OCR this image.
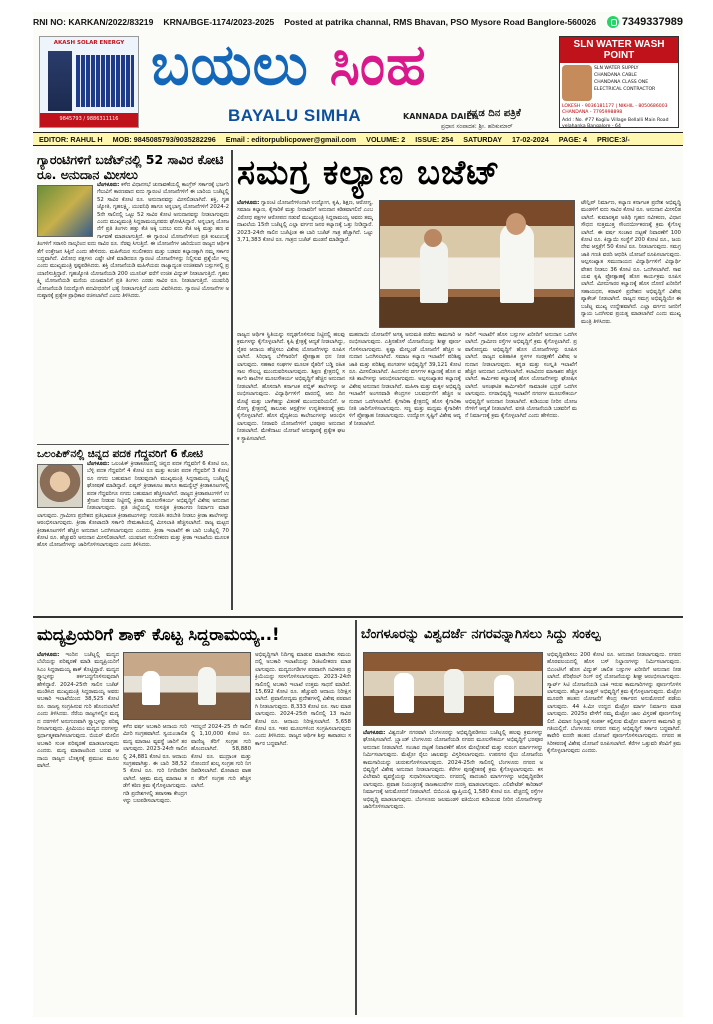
RNI NO: KARKAN/2022/83219 KRNA/BGE-1174/2023-2025 Posted at patrika channal, RMS Bhavan, PSO Mysore Road Banglore-560026 7349337989
AKASH SOLAR ENERGY
9845793 / 9886311116
ಬಯಲು ಸಿಂಹ
BAYALU SIMHA	KANNADA DAILY
ಕನ್ನಡ ದಿನ ಪತ್ರಿಕೆ
ಪ್ರಧಾನ ಸಂಪಾದಕ: ಶ್ರೀ. ಹರಿಕುಮಾರ್
SLN WATER WASH POINT
SLN WATER SUPPLY
CHANDANA CABLE
CHANDANA CLASS ONE
ELECTRICAL CONTRACTOR
LOKESH - 9036181177 | NIKHIL - 8050686003 CHANDANA - 7795998898
Add : No. #77 Kogilu Village Bellalli Main Road yelahanka Bangalore - 64
EDITOR: RAHUL H MOB: 9845085793/9035282296 Email : editorpublicpower@gmail.com VOLUME: 2 ISSUE: 254 SATURDAY 17-02-2024 PAGE: 4 PRICE:3/-
ಗ್ಯಾರಂಟಿಗಳಿಗೆ ಬಜೆಟ್‌ನಲ್ಲಿ 52 ಸಾವಿರ ಕೋಟಿ ರೂ. ಅನುದಾನ ಮೀಸಲು
ಬೆಂಗಳೂರು: ಕಳೆದ ವಿಧಾನಸಭೆ ಚುನಾವಣೆಯಲ್ಲಿ ಕಾಂಗ್ರೆಸ್ ಸರ್ಕಾರಕ್ಕೆ ಭರ್ಜರಿ ಗೆಲುವಿಗೆ ಕಾರಣವಾದ ಐದು ಗ್ಯಾರಂಟಿ ಯೋಜನೆಗಳಿಗೆ ಈ ಬಾರಿಯ ಬಜೆಟ್ನಲ್ಲಿ 52 ಸಾವಿರ ಕೋಟಿ ರೂ. ಅನುದಾನವನ್ನು ಮೀಸಲಿಡಲಾಗಿದೆ. ಶಕ್ತಿ, ಗೃಹಜ್ಯೋತಿ, ಗೃಹಲಕ್ಷ್ಮಿ, ಯುವನಿಧಿ ಹಾಗೂ ಅನ್ನಭಾಗ್ಯ ಯೋಜನೆಗಳಿಗೆ 2024-25ನೇ ಸಾಲಿನಲ್ಲಿ ಒಟ್ಟು 52 ಸಾವಿರ ಕೋಟಿ ಅನುದಾನವನ್ನು ನೀಡಲಾಗುವುದು ಎಂದು ಮುಖ್ಯಮಂತ್ರಿ ಸಿದ್ದರಾಮಯ್ಯನವರು ಘೋಷಿಸಿದ್ದಾರೆ. ಅನ್ನಭಾಗ್ಯ ಯೋಜನೆಗೆ ಪ್ರತಿ ತಿಂಗಳು ಹತ್ತು ಕೆಜಿ ಅಕ್ಕಿ ಬದಲು ಐದು ಕೆಜಿ ಅಕ್ಕಿ ಮತ್ತು ಹಣ ವರ್ಗಾವಣೆ ಮಾಡಲಾಗುತ್ತಿದೆ. ಈ ಗ್ಯಾರಂಟಿ ಯೋಜನೆಗಳಿಂದ ಪ್ರತಿ ಕುಟುಂಬಕ್ಕೆ ತಿಂಗಳಿಗೆ ಸರಾಸರಿ ನಾಲ್ಕರಿಂದ ಐದು ಸಾವಿರ ರೂ. ನೆರವು ಸಿಗುತ್ತಿದೆ. ಈ ಯೋಜನೆಗಳ ಜಾರಿಯಿಂದ ರಾಜ್ಯದ ಆರ್ಥಿಕತೆಗೆ ಉತ್ತೇಜನ ಸಿಕ್ಕಿದೆ ಎಂದು ಹೇಳಿದರು. ಮಹಿಳೆಯರ ಸಬಲೀಕರಣ ಮತ್ತು ಬಡವರ ಕಲ್ಯಾಣಕ್ಕಾಗಿ ನಮ್ಮ ಸರ್ಕಾರ ಬದ್ಧವಾಗಿದೆ. ವಿರೋಧ ಪಕ್ಷಗಳು ಎಷ್ಟೇ ಟೀಕೆ ಮಾಡಿದರೂ ಗ್ಯಾರಂಟಿ ಯೋಜನೆಗಳನ್ನು ನಿಲ್ಲಿಸುವ ಪ್ರಶ್ನೆಯೇ ಇಲ್ಲ ಎಂದು ಮುಖ್ಯಮಂತ್ರಿ ಸ್ಪಷ್ಟಪಡಿಸಿದರು. ಶಕ್ತಿ ಯೋಜನೆಯಡಿ ಮಹಿಳೆಯರು ರಾಜ್ಯಾದ್ಯಂತ ಉಚಿತವಾಗಿ ಬಸ್ಸುಗಳಲ್ಲಿ ಪ್ರಯಾಣಿಸುತ್ತಿದ್ದಾರೆ. ಗೃಹಜ್ಯೋತಿ ಯೋಜನೆಯಡಿ 200 ಯೂನಿಟ್ ವರೆಗೆ ಉಚಿತ ವಿದ್ಯುತ್ ನೀಡಲಾಗುತ್ತಿದೆ. ಗೃಹಲಕ್ಷ್ಮಿ ಯೋಜನೆಯಡಿ ಮನೆಯ ಯಜಮಾನಿಗೆ ಪ್ರತಿ ತಿಂಗಳು ಎರಡು ಸಾವಿರ ರೂ. ನೀಡಲಾಗುತ್ತಿದೆ. ಯುವನಿಧಿ ಯೋಜನೆಯಡಿ ನಿರುದ್ಯೋಗಿ ಪದವೀಧರರಿಗೆ ಭತ್ಯೆ ನೀಡಲಾಗುತ್ತಿದೆ ಎಂದು ವಿವರಿಸಿದರು. ಗ್ಯಾರಂಟಿ ಯೋಜನೆಗಳ ಅನುಷ್ಠಾನಕ್ಕೆ ಪ್ರತ್ಯೇಕ ಪ್ರಾಧಿಕಾರ ರಚಿಸಲಾಗಿದೆ ಎಂದು ತಿಳಿಸಿದರು.
ಒಲಂಪಿಕ್‌ನಲ್ಲಿ ಚಿನ್ನದ ಪದಕ ಗೆದ್ದವರಿಗೆ 6 ಕೋಟಿ
ಬೆಂಗಳೂರು: ಒಲಂಪಿಕ್ ಕ್ರೀಡಾಕೂಟದಲ್ಲಿ ಚಿನ್ನದ ಪದಕ ಗೆದ್ದವರಿಗೆ 6 ಕೋಟಿ ರೂ, ಬೆಳ್ಳಿ ಪದಕ ಗೆದ್ದವರಿಗೆ 4 ಕೋಟಿ ರೂ ಮತ್ತು ಕಂಚಿನ ಪದಕ ಗೆದ್ದವರಿಗೆ 3 ಕೋಟಿ ರೂ ನಗದು ಬಹುಮಾನ ನೀಡುವುದಾಗಿ ಮುಖ್ಯಮಂತ್ರಿ ಸಿದ್ದರಾಮಯ್ಯ ಬಜೆಟ್ನಲ್ಲಿ ಘೋಷಣೆ ಮಾಡಿದ್ದಾರೆ. ಏಷ್ಯನ್ ಕ್ರೀಡಾಕೂಟ ಹಾಗೂ ಕಾಮನ್ವೆಲ್ತ್ ಕ್ರೀಡಾಕೂಟಗಳಲ್ಲಿ ಪದಕ ಗೆದ್ದವರಿಗೂ ನಗದು ಬಹುಮಾನ ಹೆಚ್ಚಿಸಲಾಗಿದೆ. ರಾಜ್ಯದ ಕ್ರೀಡಾಪಟುಗಳಿಗೆ ಉತ್ತೇಜನ ನೀಡುವ ನಿಟ್ಟಿನಲ್ಲಿ ಕ್ರೀಡಾ ಮೂಲಸೌಕರ್ಯ ಅಭಿವೃದ್ಧಿಗೆ ವಿಶೇಷ ಅನುದಾನ ನೀಡಲಾಗುವುದು. ಪ್ರತಿ ಜಿಲ್ಲೆಯಲ್ಲಿ ಸುಸಜ್ಜಿತ ಕ್ರೀಡಾಂಗಣ ನಿರ್ಮಾಣ ಮಾಡಲಾಗುವುದು. ಗ್ರಾಮೀಣ ಪ್ರದೇಶದ ಪ್ರತಿಭಾವಂತ ಕ್ರೀಡಾಪಟುಗಳನ್ನು ಗುರುತಿಸಿ ತರಬೇತಿ ನೀಡಲು ಕ್ರೀಡಾ ಶಾಲೆಗಳನ್ನು ಆರಂಭಿಸಲಾಗುವುದು. ಕ್ರೀಡಾ ಕೋಟಾದಡಿ ಸರ್ಕಾರಿ ನೇಮಕಾತಿಯಲ್ಲಿ ಮೀಸಲಾತಿ ಹೆಚ್ಚಿಸಲಾಗಿದೆ. ರಾಜ್ಯ ಮಟ್ಟದ ಕ್ರೀಡಾಕೂಟಗಳಿಗೆ ಹೆಚ್ಚಿನ ಅನುದಾನ ಒದಗಿಸಲಾಗುವುದು ಎಂದರು. ಕ್ರೀಡಾ ಇಲಾಖೆಗೆ ಈ ಬಾರಿ ಬಜೆಟ್ನಲ್ಲಿ 70 ಕೋಟಿ ರೂ. ಹೆಚ್ಚುವರಿ ಅನುದಾನ ಮೀಸಲಿಡಲಾಗಿದೆ. ಯುವಜನ ಸಬಲೀಕರಣ ಮತ್ತು ಕ್ರೀಡಾ ಇಲಾಖೆಯ ಮೂಲಕ ಹೊಸ ಯೋಜನೆಗಳನ್ನು ಜಾರಿಗೊಳಿಸಲಾಗುವುದು ಎಂದು ತಿಳಿಸಿದರು.
ಸಮಗ್ರ ಕಲ್ಯಾಣ ಬಜೆಟ್
ಬೆಂಗಳೂರು: ಗ್ಯಾರಂಟಿ ಯೋಜನೆಗಳಿಂದಾಗಿ ಉದ್ಯೋಗ, ಕೃಷಿ, ಶಿಕ್ಷಣ, ಆರೋಗ್ಯ, ಸಮಾಜ ಕಲ್ಯಾಣ, ಕೈಗಾರಿಕೆ ಮತ್ತು ನೀರಾವರಿಗೆ ಅನುದಾನ ಕಡಿತವಾಗಲಿದೆ ಎಂಬ ವಿರೋಧ ಪಕ್ಷಗಳ ಆರೋಪದ ನಡುವೆ ಮುಖ್ಯಮಂತ್ರಿ ಸಿದ್ದರಾಮಯ್ಯ ಅವರು ತಮ್ಮ ದಾಖಲೆಯ 15ನೇ ಬಜೆಟ್ನಲ್ಲಿ ಎಲ್ಲಾ ವರ್ಗದ ಜನರ ಕಲ್ಯಾಣಕ್ಕೆ ಒತ್ತು ನೀಡಿದ್ದಾರೆ. 2023-24ನೇ ಸಾಲಿನ ಬಜೆಟ್ಗಿಂತ ಈ ಬಾರಿ ಬಜೆಟ್ ಗಾತ್ರ ಹೆಚ್ಚಾಗಿದೆ. ಒಟ್ಟು 3,71,383 ಕೋಟಿ ರೂ. ಗಾತ್ರದ ಬಜೆಟ್ ಮಂಡನೆ ಮಾಡಿದ್ದಾರೆ.
ಟೌನ್ಷಿಪ್ ನಿರ್ಮಾಣ, ಕಲ್ಯಾಣ ಕರ್ನಾಟಕ ಪ್ರದೇಶ ಅಭಿವೃದ್ಧಿ ಮಂಡಳಿಗೆ ಐದು ಸಾವಿರ ಕೋಟಿ ರೂ. ಅನುದಾನ ಮೀಸಲಿಡಲಾಗಿದೆ. ಕುಮಾರಕೃಪ ಅತಿಥಿ ಗೃಹದ ನವೀಕರಣ, ವಿಧಾನಸೌಧದ ಸುತ್ತಮುತ್ತ ಸೌಂದರ್ಯೀಕರಣಕ್ಕೆ ಕ್ರಮ ಕೈಗೊಳ್ಳಲಾಗಿದೆ. ಈ ವರ್ಷ ಸಂಚಾರ ದಟ್ಟಣೆ ನಿವಾರಣೆಗೆ 100 ಕೋಟಿ ರೂ. ಕಿದ್ವಾಯಿ ಸಂಸ್ಥೆಗೆ 200 ಕೋಟಿ ರೂ., ಜಯದೇವ ಆಸ್ಪತ್ರೆಗೆ 50 ಕೋಟಿ ರೂ. ನೀಡಲಾಗುವುದು. ಸಮಗ್ರ ಜಾತಿ ಗಣತಿ ವರದಿ ಆಧರಿಸಿ ಯೋಜನೆ ರೂಪಿಸಲಾಗುವುದು. ಅಲ್ಪಸಂಖ್ಯಾತ ಸಮುದಾಯದ ವಿದ್ಯಾರ್ಥಿಗಳಿಗೆ ವಿದ್ಯಾರ್ಥಿ ವೇತನ ನೀಡಲು 36 ಕೋಟಿ ರೂ. ಒದಗಿಸಲಾಗಿದೆ. ಸಾವಯವ ಕೃಷಿ ಪ್ರೋತ್ಸಾಹಕ್ಕೆ ಹೊಸ ಕಾರ್ಯಕ್ರಮ ರೂಪಿಸಲಾಗಿದೆ. ಮೀನುಗಾರರ ಕಲ್ಯಾಣಕ್ಕೆ ಹೊಸ ದೋಣಿ ಖರೀದಿಗೆ ಸಹಾಯಧನ, ಕರಾವಳಿ ಪ್ರದೇಶದ ಅಭಿವೃದ್ಧಿಗೆ ವಿಶೇಷ ಪ್ಯಾಕೇಜ್ ನೀಡಲಾಗಿದೆ. ರಾಜ್ಯದ ಸಮಗ್ರ ಅಭಿವೃದ್ಧಿಯೇ ಈ ಬಜೆಟ್ನ ಮುಖ್ಯ ಉದ್ದೇಶವಾಗಿದೆ. ಎಲ್ಲಾ ವರ್ಗದ ಜನರಿಗೆ ನ್ಯಾಯ ಒದಗಿಸುವ ಪ್ರಯತ್ನ ಮಾಡಲಾಗಿದೆ ಎಂದು ಮುಖ್ಯಮಂತ್ರಿ ತಿಳಿಸಿದರು.
ರಾಜ್ಯದ ಆರ್ಥಿಕ ಸ್ಥಿತಿಯನ್ನು ಸದೃಢಗೊಳಿಸುವ ನಿಟ್ಟಿನಲ್ಲಿ ಹಲವು ಕ್ರಮಗಳನ್ನು ಕೈಗೊಳ್ಳಲಾಗಿದೆ. ಕೃಷಿ ಕ್ಷೇತ್ರಕ್ಕೆ ಆದ್ಯತೆ ನೀಡಲಾಗಿದ್ದು, ರೈತರ ಆದಾಯ ಹೆಚ್ಚಿಸಲು ವಿಶೇಷ ಯೋಜನೆಗಳನ್ನು ರೂಪಿಸಲಾಗಿದೆ. ಸಿರಿಧಾನ್ಯ ಬೆಳೆಗಾರರಿಗೆ ಪ್ರೋತ್ಸಾಹ ಧನ ನೀಡಲಾಗುವುದು. ಸಹಕಾರ ಸಂಘಗಳ ಮೂಲಕ ರೈತರಿಗೆ ಬಡ್ಡಿ ರಹಿತ ಸಾಲ ಸೌಲಭ್ಯ ಮುಂದುವರಿಸಲಾಗುವುದು. ಶಿಕ್ಷಣ ಕ್ಷೇತ್ರದಲ್ಲಿ ಸರ್ಕಾರಿ ಶಾಲೆಗಳ ಮೂಲಸೌಕರ್ಯ ಅಭಿವೃದ್ಧಿಗೆ ಹೆಚ್ಚಿನ ಅನುದಾನ ನೀಡಲಾಗಿದೆ. ಹೊಸದಾಗಿ ಕರ್ನಾಟಕ ಪಬ್ಲಿಕ್ ಶಾಲೆಗಳನ್ನು ಆರಂಭಿಸಲಾಗುವುದು. ವಿದ್ಯಾರ್ಥಿಗಳಿಗೆ ವಾರದಲ್ಲಿ ಆರು ದಿನ ಮೊಟ್ಟೆ ಮತ್ತು ಬಾಳೆಹಣ್ಣು ವಿತರಣೆ ಮುಂದುವರಿಯಲಿದೆ. ಆರೋಗ್ಯ ಕ್ಷೇತ್ರದಲ್ಲಿ ತಾಲೂಕು ಆಸ್ಪತ್ರೆಗಳ ಉನ್ನತೀಕರಣಕ್ಕೆ ಕ್ರಮ ಕೈಗೊಳ್ಳಲಾಗಿದೆ. ಹೊಸ ವೈದ್ಯಕೀಯ ಕಾಲೇಜುಗಳನ್ನು ಆರಂಭಿಸಲಾಗುವುದು. ನೀರಾವರಿ ಯೋಜನೆಗಳಿಗೆ ಭರಪೂರ ಅನುದಾನ ನೀಡಲಾಗಿದೆ. ಮೇಕೆದಾಟು ಯೋಜನೆ ಅನುಷ್ಠಾನಕ್ಕೆ ಪ್ರತ್ಯೇಕ ಘಟಕ ಸ್ಥಾಪಿಸಲಾಗಿದೆ.
ಮಹದಾಯಿ ಯೋಜನೆಗೆ ಅಗತ್ಯ ಅನುಮತಿ ಪಡೆದು ಕಾಮಗಾರಿ ಆರಂಭಿಸಲಾಗುವುದು. ಎತ್ತಿನಹೊಳೆ ಯೋಜನೆಯನ್ನು ಶೀಘ್ರ ಪೂರ್ಣಗೊಳಿಸಲಾಗುವುದು. ಕೃಷ್ಣಾ ಮೇಲ್ದಂಡೆ ಯೋಜನೆಗೆ ಹೆಚ್ಚಿನ ಅನುದಾನ ಒದಗಿಸಲಾಗಿದೆ. ಸಮಾಜ ಕಲ್ಯಾಣ ಇಲಾಖೆಗೆ ಪರಿಶಿಷ್ಟ ಜಾತಿ ಮತ್ತು ಪರಿಶಿಷ್ಟ ಪಂಗಡಗಳ ಅಭಿವೃದ್ಧಿಗೆ 39,121 ಕೋಟಿ ರೂ. ಮೀಸಲಿಡಲಾಗಿದೆ. ಹಿಂದುಳಿದ ವರ್ಗಗಳ ಕಲ್ಯಾಣಕ್ಕೆ ಹೊಸ ವಸತಿ ಶಾಲೆಗಳನ್ನು ಆರಂಭಿಸಲಾಗುವುದು. ಅಲ್ಪಸಂಖ್ಯಾತರ ಕಲ್ಯಾಣಕ್ಕೆ ವಿಶೇಷ ಅನುದಾನ ನೀಡಲಾಗಿದೆ. ಮಹಿಳಾ ಮತ್ತು ಮಕ್ಕಳ ಅಭಿವೃದ್ಧಿ ಇಲಾಖೆಗೆ ಅಂಗನವಾಡಿ ಕೇಂದ್ರಗಳ ಬಲವರ್ಧನೆಗೆ ಹೆಚ್ಚಿನ ಅನುದಾನ ಒದಗಿಸಲಾಗಿದೆ. ಕೈಗಾರಿಕಾ ಕ್ಷೇತ್ರದಲ್ಲಿ ಹೊಸ ಕೈಗಾರಿಕಾ ನೀತಿ ಜಾರಿಗೊಳಿಸಲಾಗುವುದು. ಸಣ್ಣ ಮತ್ತು ಮಧ್ಯಮ ಕೈಗಾರಿಕೆಗಳಿಗೆ ಪ್ರೋತ್ಸಾಹ ನೀಡಲಾಗುವುದು. ಉದ್ಯೋಗ ಸೃಷ್ಟಿಗೆ ವಿಶೇಷ ಆದ್ಯತೆ ನೀಡಲಾಗಿದೆ.
ಸಾರಿಗೆ ಇಲಾಖೆಗೆ ಹೊಸ ಬಸ್ಸುಗಳ ಖರೀದಿಗೆ ಅನುದಾನ ಒದಗಿಸಲಾಗಿದೆ. ಗ್ರಾಮೀಣ ರಸ್ತೆಗಳ ಅಭಿವೃದ್ಧಿಗೆ ಕ್ರಮ ಕೈಗೊಳ್ಳಲಾಗಿದೆ. ಪ್ರವಾಸೋದ್ಯಮ ಅಭಿವೃದ್ಧಿಗೆ ಹೊಸ ಯೋಜನೆಗಳನ್ನು ರೂಪಿಸಲಾಗಿದೆ. ರಾಜ್ಯದ ಐತಿಹಾಸಿಕ ಸ್ಥಳಗಳ ಸಂರಕ್ಷಣೆಗೆ ವಿಶೇಷ ಅನುದಾನ ನೀಡಲಾಗುವುದು. ಕನ್ನಡ ಮತ್ತು ಸಂಸ್ಕೃತಿ ಇಲಾಖೆಗೆ ಹೆಚ್ಚಿನ ಅನುದಾನ ಒದಗಿಸಲಾಗಿದೆ. ಕಲಾವಿದರ ಮಾಸಾಶನ ಹೆಚ್ಚಿಸಲಾಗಿದೆ. ಕಾರ್ಮಿಕರ ಕಲ್ಯಾಣಕ್ಕೆ ಹೊಸ ಯೋಜನೆಗಳನ್ನು ಘೋಷಿಸಲಾಗಿದೆ. ಅಸಂಘಟಿತ ಕಾರ್ಮಿಕರಿಗೆ ಸಾಮಾಜಿಕ ಭದ್ರತೆ ಒದಗಿಸಲಾಗುವುದು. ನಗರಾಭಿವೃದ್ಧಿ ಇಲಾಖೆಗೆ ನಗರಗಳ ಮೂಲಸೌಕರ್ಯ ಅಭಿವೃದ್ಧಿಗೆ ಅನುದಾನ ನೀಡಲಾಗಿದೆ. ಕುಡಿಯುವ ನೀರಿನ ಯೋಜನೆಗಳಿಗೆ ಆದ್ಯತೆ ನೀಡಲಾಗಿದೆ. ವಸತಿ ಯೋಜನೆಯಡಿ ಬಡವರಿಗೆ ಮನೆ ನಿರ್ಮಾಣಕ್ಕೆ ಕ್ರಮ ಕೈಗೊಳ್ಳಲಾಗಿದೆ ಎಂದು ಹೇಳಿದರು.
ಮದ್ಯಪ್ರಿಯರಿಗೆ ಶಾಕ್ ಕೊಟ್ಟ ಸಿದ್ದರಾಮಯ್ಯ..!
ಬೆಂಗಳೂರು: ಇಂದಿನ ಬಜೆಟ್ನಲ್ಲಿ ಮದ್ಯದ ಬೆಲೆಯನ್ನು ಪರಿಷ್ಕರಣೆ ಮಾಡಿ ಮದ್ಯಪ್ರಿಯರಿಗೆ ಸಿಎಂ ಸಿದ್ದರಾಮಯ್ಯ ಶಾಕ್ ಕೊಟ್ಟಿದ್ದಾರೆ. ಮದ್ಯದ ಸ್ಲ್ಯಾಬ್ಗಳನ್ನು ತರ್ಕಬದ್ಧಗೊಳಿಸುವುದಾಗಿ ಹೇಳಿದ್ದಾರೆ. 2024-25ನೇ ಸಾಲಿನ ಬಜೆಟ್ ಮಂಡಿಸಿದ ಮುಖ್ಯಮಂತ್ರಿ ಸಿದ್ದರಾಮಯ್ಯ ಅವರು ಅಬಕಾರಿ ಇಲಾಖೆಯಿಂದ 38,525 ಕೋಟಿ ರೂ. ರಾಜಸ್ವ ಸಂಗ್ರಹಿಸುವ ಗುರಿ ಹೊಂದಲಾಗಿದೆ ಎಂದು ತಿಳಿಸಿದರು. ನೆರೆಯ ರಾಜ್ಯಗಳಲ್ಲಿನ ಮದ್ಯದ ದರಗಳಿಗೆ ಅನುಗುಣವಾಗಿ ಸ್ಲ್ಯಾಬ್ಗಳನ್ನು ಪರಿಷ್ಕರಿಸಲಾಗುವುದು. ಪ್ರೀಮಿಯಂ ಮದ್ಯದ ದರಗಳನ್ನು ಸ್ಪರ್ಧಾತ್ಮಕವಾಗಿಸಲಾಗುವುದು. ಬಿಯರ್ ಮೇಲಿನ ಅಬಕಾರಿ ಸುಂಕ ಪರಿಷ್ಕರಣೆ ಮಾಡಲಾಗುವುದು ಎಂದರು. ಮದ್ಯ ಮಾರಾಟದಿಂದ ಬರುವ ಆದಾಯ ರಾಜ್ಯದ ಬೊಕ್ಕಸಕ್ಕೆ ಪ್ರಮುಖ ಮೂಲವಾಗಿದೆ.
ಕಳೆದ ವರ್ಷ ಅಬಕಾರಿ ಆದಾಯ ಗುರಿ ಮೀರಿ ಸಂಗ್ರಹವಾಗಿದೆ. ಸ್ವಯಂಚಾಲಿತ ಮದ್ಯ ಮಾರಾಟ ವ್ಯವಸ್ಥೆ ಜಾರಿಗೆ ತರಲಾಗುವುದು. 2023-24ನೇ ಸಾಲಿನಲ್ಲಿ 24,881 ಕೋಟಿ ರೂ. ಆದಾಯ ಸಂಗ್ರಹವಾಗಿತ್ತು. ಈ ಬಾರಿ 38,525 ಕೋಟಿ ರೂ. ಗುರಿ ನಿಗದಿಪಡಿಸಲಾಗಿದೆ. ಅಕ್ರಮ ಮದ್ಯ ಮಾರಾಟ ತಡೆಗೆ ಕಠಿಣ ಕ್ರಮ ಕೈಗೊಳ್ಳಲಾಗುವುದು. ಗಡಿ ಪ್ರದೇಶಗಳಲ್ಲಿ ತಪಾಸಣಾ ಕೇಂದ್ರಗಳನ್ನು ಬಲಪಡಿಸಲಾಗುವುದು.
ಇದಲ್ಲದೆ 2024-25 ನೇ ಸಾಲಿನಲ್ಲಿ 1,10,000 ಕೋಟಿ ರೂ. ವಾಣಿಜ್ಯ ತೆರಿಗೆ ಸಂಗ್ರಹ ಗುರಿ ಹೊಂದಲಾಗಿದೆ. 58,880 ಕೋಟಿ ರೂ. ಮುದ್ರಾಂಕ ಮತ್ತು ನೋಂದಣಿ ಶುಲ್ಕ ಸಂಗ್ರಹ ಗುರಿ ನಿಗದಿಪಡಿಸಲಾಗಿದೆ. ಮೋಟಾರು ವಾಹನ ತೆರಿಗೆ ಸಂಗ್ರಹ ಗುರಿ ಹೆಚ್ಚಿಸಲಾಗಿದೆ.
ಅಭಿವೃದ್ಧಿಗಾಗಿ ನಿರ್ದಿಷ್ಟ ಮಾಡುವ ಮಾಡಬೇಕು ಸಮಯದಲ್ಲಿ ಅಬಕಾರಿ ಇಲಾಖೆಯನ್ನು ಡಿಜಿಟಲೀಕರಣ ಮಾಡಲಾಗುವುದು. ಮದ್ಯದಂಗಡಿಗಳ ಪರವಾನಗಿ ನವೀಕರಣ ಪ್ರಕ್ರಿಯೆಯನ್ನು ಸರಳಗೊಳಿಸಲಾಗುವುದು. 2023-24ನೇ ಸಾಲಿನಲ್ಲಿ ಅಬಕಾರಿ ಇಲಾಖೆ ಉತ್ತಮ ಸಾಧನೆ ಮಾಡಿದೆ. 15,692 ಕೋಟಿ ರೂ. ಹೆಚ್ಚುವರಿ ಆದಾಯ ನಿರೀಕ್ಷಿಸಲಾಗಿದೆ. ಪ್ರವಾಸೋದ್ಯಮ ಪ್ರದೇಶಗಳಲ್ಲಿ ವಿಶೇಷ ಪರವಾನಗಿ ನೀಡಲಾಗುವುದು. 8,333 ಕೋಟಿ ರೂ. ಸಾಲ ಮಾಡಲಾಗುವುದು. 2024-25ನೇ ಸಾಲಿನಲ್ಲಿ 13 ಸಾವಿರ ಕೋಟಿ ರೂ. ಆದಾಯ ನಿರೀಕ್ಷಿಸಲಾಗಿದೆ. 5,658 ಕೋಟಿ ರೂ. ಇತರ ಮೂಲಗಳಿಂದ ಸಂಗ್ರಹಿಸಲಾಗುವುದು ಎಂದು ತಿಳಿಸಿದರು. ರಾಜ್ಯದ ಆರ್ಥಿಕ ಶಿಸ್ತು ಕಾಪಾಡಲು ಸರ್ಕಾರ ಬದ್ಧವಾಗಿದೆ.
ಬೆಂಗಳೂರನ್ನು ವಿಶ್ವದರ್ಜೆ ನಗರವನ್ನಾಗಿಸಲು ಸಿದ್ದು ಸಂಕಲ್ಪ
ಬೆಂಗಳೂರು: ವಿಶ್ವದರ್ಜೆ ನಗರವಾಗಿ ಬೆಂಗಳೂರನ್ನು ಅಭಿವೃದ್ಧಿಪಡಿಸಲು ಬಜೆಟ್ನಲ್ಲಿ ಹಲವು ಕ್ರಮಗಳನ್ನು ಘೋಷಿಸಲಾಗಿದೆ. ಬ್ರ್ಯಾಂಡ್ ಬೆಂಗಳೂರು ಯೋಜನೆಯಡಿ ನಗರದ ಮೂಲಸೌಕರ್ಯ ಅಭಿವೃದ್ಧಿಗೆ ಭರಪೂರ ಅನುದಾನ ನೀಡಲಾಗಿದೆ. ಸಂಚಾರ ದಟ್ಟಣೆ ನಿವಾರಣೆಗೆ ಹೊಸ ಮೇಲ್ಸೇತುವೆ ಮತ್ತು ಸುರಂಗ ಮಾರ್ಗಗಳನ್ನು ನಿರ್ಮಿಸಲಾಗುವುದು. ಮೆಟ್ರೋ ರೈಲು ಜಾಲವನ್ನು ವಿಸ್ತರಿಸಲಾಗುವುದು. ಉಪನಗರ ರೈಲು ಯೋಜನೆಯ ಕಾಮಗಾರಿಯನ್ನು ಚುರುಕುಗೊಳಿಸಲಾಗುವುದು. 2024-25ನೇ ಸಾಲಿನಲ್ಲಿ ಬೆಂಗಳೂರು ನಗರದ ಅಭಿವೃದ್ಧಿಗೆ ವಿಶೇಷ ಅನುದಾನ ನೀಡಲಾಗುವುದು. ಕೆರೆಗಳ ಪುನಶ್ಚೇತನಕ್ಕೆ ಕ್ರಮ ಕೈಗೊಳ್ಳಲಾಗುವುದು. ಕಸ ವಿಲೇವಾರಿ ವ್ಯವಸ್ಥೆಯನ್ನು ಸುಧಾರಿಸಲಾಗುವುದು. ನಗರದಲ್ಲಿ ಪಾದಚಾರಿ ಮಾರ್ಗಗಳನ್ನು ಅಭಿವೃದ್ಧಿಪಡಿಸಲಾಗುವುದು. ಪ್ರವಾಹ ನಿಯಂತ್ರಣಕ್ಕೆ ರಾಜಕಾಲುವೆಗಳ ದುರಸ್ತಿ ಮಾಡಲಾಗುವುದು. ಎಲಿವೇಟೆಡ್ ಕಾರಿಡಾರ್ ನಿರ್ಮಾಣಕ್ಕೆ ಅನುಮೋದನೆ ನೀಡಲಾಗಿದೆ. ಬಿಬಿಎಂಪಿ ವ್ಯಾಪ್ತಿಯಲ್ಲಿ 1,580 ಕೋಟಿ ರೂ. ವೆಚ್ಚದಲ್ಲಿ ರಸ್ತೆಗಳ ಅಭಿವೃದ್ಧಿ ಮಾಡಲಾಗುವುದು. ಬೆಂಗಳೂರು ಜಲಮಂಡಳಿ ವತಿಯಿಂದ ಕುಡಿಯುವ ನೀರಿನ ಯೋಜನೆಗಳನ್ನು ಜಾರಿಗೊಳಿಸಲಾಗುವುದು.
ಅಭಿವೃದ್ಧಿಪಡಿಸಲು 200 ಕೋಟಿ ರೂ. ಅನುದಾನ ನೀಡಲಾಗುವುದು. ನಗರದ ಹೊರವಲಯದಲ್ಲಿ ಹೊಸ ಬಸ್ ನಿಲ್ದಾಣಗಳನ್ನು ನಿರ್ಮಿಸಲಾಗುವುದು. ಬಿಎಂಟಿಸಿಗೆ ಹೊಸ ವಿದ್ಯುತ್ ಚಾಲಿತ ಬಸ್ಸುಗಳ ಖರೀದಿಗೆ ಅನುದಾನ ನೀಡಲಾಗಿದೆ. ಪೆರಿಫೆರಲ್ ರಿಂಗ್ ರಸ್ತೆ ಯೋಜನೆಯನ್ನು ಶೀಘ್ರ ಆರಂಭಿಸಲಾಗುವುದು. ಸ್ಮಾರ್ಟ್ ಸಿಟಿ ಯೋಜನೆಯಡಿ ಬಾಕಿ ಇರುವ ಕಾಮಗಾರಿಗಳನ್ನು ಪೂರ್ಣಗೊಳಿಸಲಾಗುವುದು. ಹೆಬ್ಬಾಳ ಜಂಕ್ಷನ್ ಅಭಿವೃದ್ಧಿಗೆ ಕ್ರಮ ಕೈಗೊಳ್ಳಲಾಗುವುದು. ಮೆಟ್ರೋ ಮೂರನೇ ಹಂತದ ಯೋಜನೆಗೆ ಕೇಂದ್ರ ಸರ್ಕಾರದ ಅನುಮೋದನೆ ಪಡೆಯಲಾಗುವುದು. 44 ಕಿ.ಮೀ ಉದ್ದದ ಮೆಟ್ರೋ ಮಾರ್ಗ ನಿರ್ಮಾಣ ಮಾಡಲಾಗುವುದು. 2025ರ ವೇಳೆಗೆ ನಮ್ಮ ಮೆಟ್ರೋ ಜಾಲ ವಿಸ್ತರಣೆ ಪೂರ್ಣಗೊಳ್ಳಲಿದೆ. ವಿಮಾನ ನಿಲ್ದಾಣಕ್ಕೆ ಸಂಪರ್ಕ ಕಲ್ಪಿಸುವ ಮೆಟ್ರೋ ಮಾರ್ಗದ ಕಾಮಗಾರಿ ಪ್ರಗತಿಯಲ್ಲಿದೆ. ಬೆಂಗಳೂರು ನಗರದ ಸಮಗ್ರ ಅಭಿವೃದ್ಧಿಗೆ ಸರ್ಕಾರ ಬದ್ಧವಾಗಿದೆ. ಕಾವೇರಿ ಐದನೇ ಹಂತದ ಯೋಜನೆ ಪೂರ್ಣಗೊಳಿಸಲಾಗುವುದು. ನಗರದ ಹಸಿರೀಕರಣಕ್ಕೆ ವಿಶೇಷ ಯೋಜನೆ ರೂಪಿಸಲಾಗಿದೆ. ಕೆರೆಗಳ ಒತ್ತುವರಿ ತೆರವಿಗೆ ಕ್ರಮ ಕೈಗೊಳ್ಳಲಾಗುವುದು ಎಂದರು.
